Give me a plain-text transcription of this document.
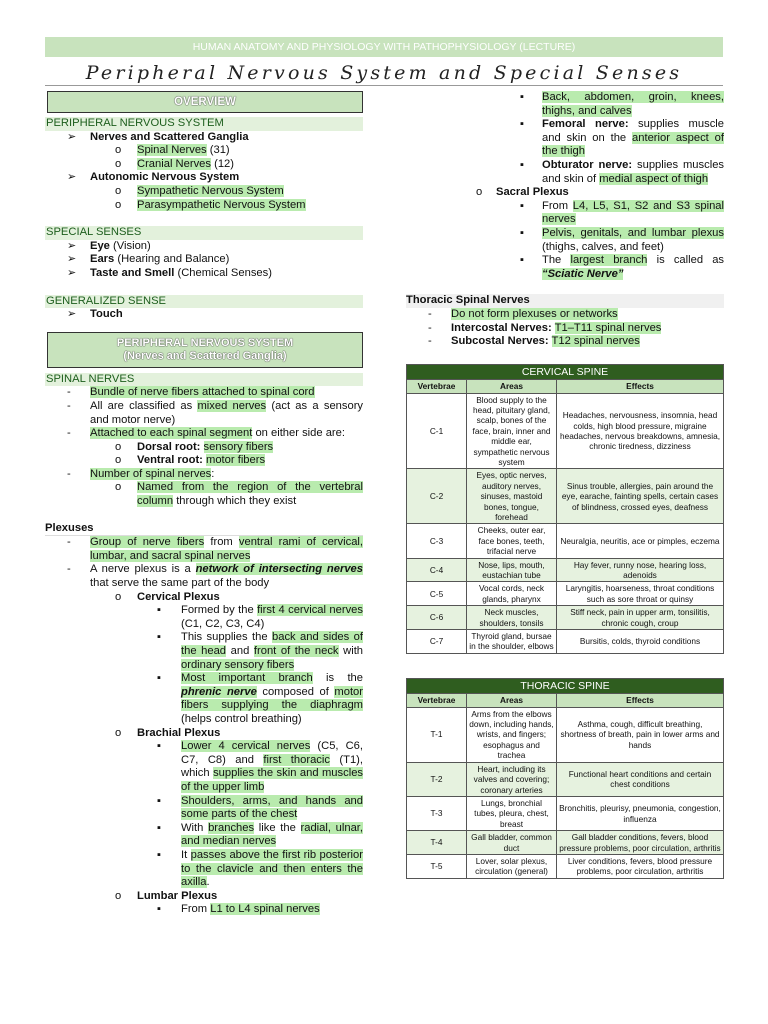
HUMAN ANATOMY AND PHYSIOLOGY WITH PATHOPHYSIOLOGY (LECTURE)
Peripheral Nervous System and Special Senses
OVERVIEW
PERIPHERAL NERVOUS SYSTEM
➢ Nerves and Scattered Ganglia
o Spinal Nerves (31)
o Cranial Nerves (12)
➢ Autonomic Nervous System
o Sympathetic Nervous System
o Parasympathetic Nervous System
SPECIAL SENSES
➢ Eye (Vision)
➢ Ears (Hearing and Balance)
➢ Taste and Smell (Chemical Senses)
GENERALIZED SENSE
➢ Touch
PERIPHERAL NERVOUS SYSTEM
(Nerves and Scattered Ganglia)
SPINAL NERVES
- Bundle of nerve fibers attached to spinal cord
- All are classified as mixed nerves (act as a sensory and motor nerve)
- Attached to each spinal segment on either side are:
o Dorsal root: sensory fibers
o Ventral root: motor fibers
- Number of spinal nerves:
o Named from the region of the vertebral column through which they exist
Plexuses
- Group of nerve fibers from ventral rami of cervical, lumbar, and sacral spinal nerves
- A nerve plexus is a network of intersecting nerves that serve the same part of the body
o Cervical Plexus
▪ Formed by the first 4 cervical nerves (C1, C2, C3, C4)
▪ This supplies the back and sides of the head and front of the neck with ordinary sensory fibers
▪ Most important branch is the phrenic nerve composed of motor fibers supplying the diaphragm (helps control breathing)
o Brachial Plexus
▪ Lower 4 cervical nerves (C5, C6, C7, C8) and first thoracic (T1), which supplies the skin and muscles of the upper limb
▪ Shoulders, arms, and hands and some parts of the chest
▪ With branches like the radial, ulnar, and median nerves
▪ It passes above the first rib posterior to the clavicle and then enters the axilla.
o Lumbar Plexus
▪ From L1 to L4 spinal nerves
▪ Back, abdomen, groin, knees, thighs, and calves
▪ Femoral nerve: supplies muscle and skin on the anterior aspect of the thigh
▪ Obturator nerve: supplies muscles and skin of medial aspect of thigh
o Sacral Plexus
▪ From L4, L5, S1, S2 and S3 spinal nerves
▪ Pelvis, genitals, and lumbar plexus (thighs, calves, and feet)
▪ The largest branch is called as “Sciatic Nerve”
Thoracic Spinal Nerves
- Do not form plexuses or networks
- Intercostal Nerves: T1–T11 spinal nerves
- Subcostal Nerves: T12 spinal nerves
CERVICAL SPINE		
Vertebrae	Areas	Effects
C-1	Blood supply to the head, pituitary gland, scalp, bones of the face, brain, inner and middle ear, sympathetic nervous system	Headaches, nervousness, insomnia, head colds, high blood pressure, migraine headaches, nervous breakdowns, amnesia, chronic tiredness, dizziness
C-2	Eyes, optic nerves, auditory nerves, sinuses, mastoid bones, tongue, forehead	Sinus trouble, allergies, pain around the eye, earache, fainting spells, certain cases of blindness, crossed eyes, deafness
C-3	Cheeks, outer ear, face bones, teeth, trifacial nerve	Neuralgia, neuritis, ace or pimples, eczema
C-4	Nose, lips, mouth, eustachian tube	Hay fever, runny nose, hearing loss, adenoids
C-5	Vocal cords, neck glands, pharynx	Laryngitis, hoarseness, throat conditions such as sore throat or quinsy
C-6	Neck muscles, shoulders, tonsils	Stiff neck, pain in upper arm, tonsilitis, chronic cough, croup
C-7	Thyroid gland, bursae in the shoulder, elbows	Bursitis, colds, thyroid conditions
THORACIC SPINE		
Vertebrae	Areas	Effects
T-1	Arms from the elbows down, including hands, wrists, and fingers; esophagus and trachea	Asthma, cough, difficult breathing, shortness of breath, pain in lower arms and hands
T-2	Heart, including its valves and covering; coronary arteries	Functional heart conditions and certain chest conditions
T-3	Lungs, bronchial tubes, pleura, chest, breast	Bronchitis, pleurisy, pneumonia, congestion, influenza
T-4	Gall bladder, common duct	Gall bladder conditions, fevers, blood pressure problems, poor circulation, arthritis
T-5	Lover, solar plexus, circulation (general)	Liver conditions, fevers, blood pressure problems, poor circulation, arthritis
